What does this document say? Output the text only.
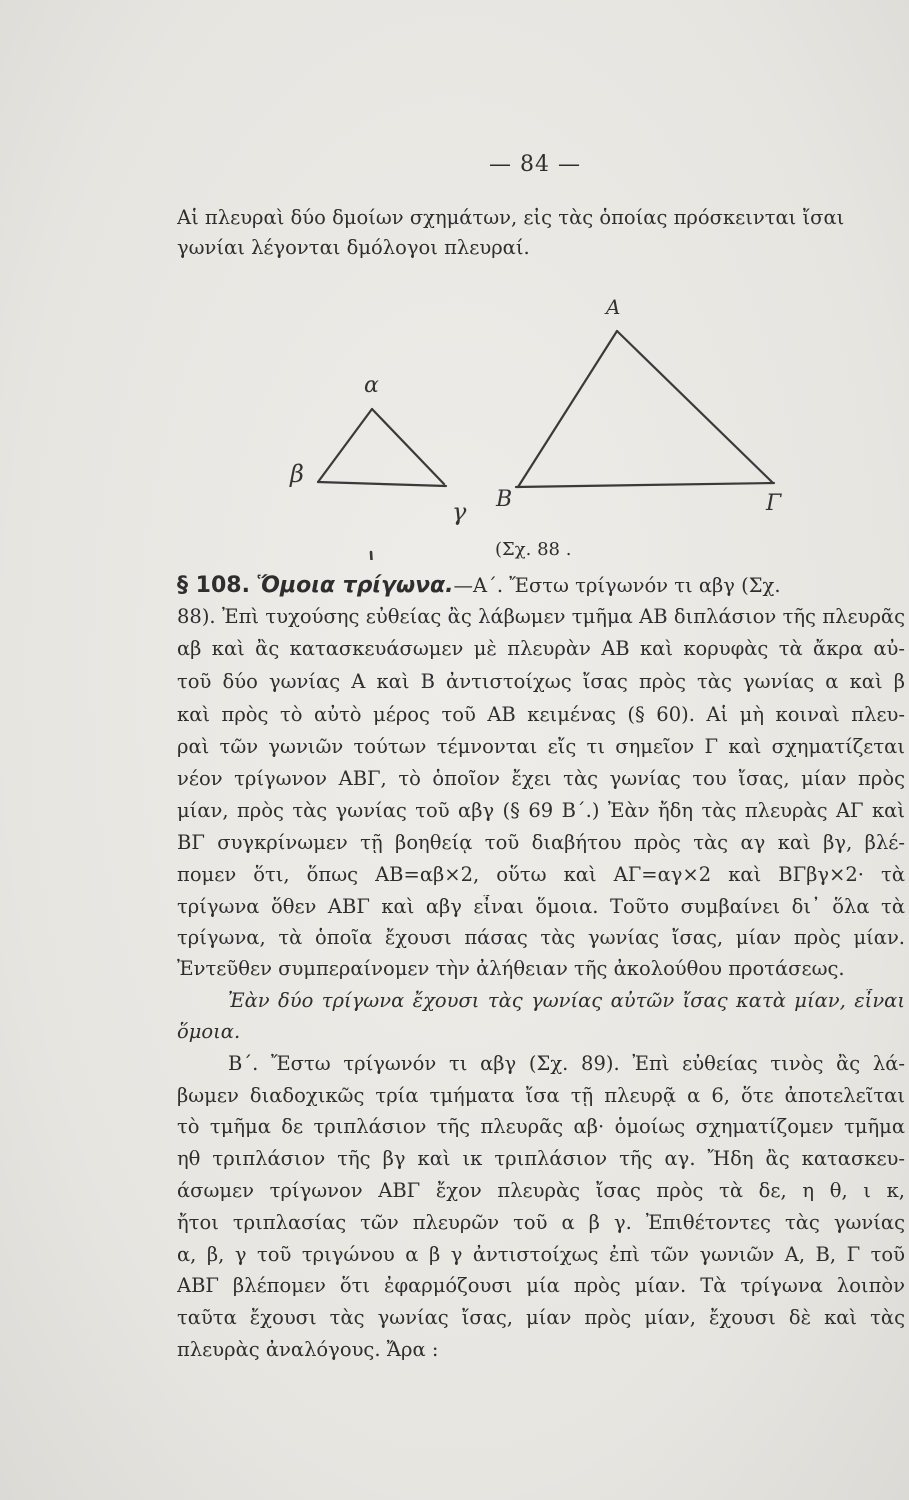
— 84 —
Αἱ πλευραὶ δύο δμοίων σχημάτων, εἰς τὰς ὁποίας πρόσκεινται ἴσαι
γωνίαι λέγονται δμόλογοι πλευραί.
α
β
γ
Α
Β	Γ
(Σχ. 88 .
§ 108. Ὅμοια τρίγωνα.—Α΄. Ἔστω τρίγωνόν τι αβγ (Σχ.
88). Ἐπὶ τυχούσης εὐθείας ἂς λάβωμεν τμῆμα ΑΒ διπλάσιον τῆς πλευρᾶς
αβ καὶ ἂς κατασκευάσωμεν μὲ πλευρὰν ΑΒ καὶ κορυφὰς τὰ ἄκρα αὐ-
τοῦ δύο γωνίας Α καὶ Β ἀντιστοίχως ἴσας πρὸς τὰς γωνίας α καὶ β
καὶ πρὸς τὸ αὐτὸ μέρος τοῦ ΑΒ κειμένας (§ 60). Αἱ μὴ κοιναὶ πλευ-
ραὶ τῶν γωνιῶν τούτων τέμνονται εἴς τι σημεῖον Γ καὶ σχηματίζεται
νέον τρίγωνον ΑΒΓ, τὸ ὁποῖον ἔχει τὰς γωνίας του ἴσας, μίαν πρὸς
μίαν, πρὸς τὰς γωνίας τοῦ αβγ (§ 69 Β΄.) Ἐὰν ἤδη τὰς πλευρὰς ΑΓ καὶ
ΒΓ συγκρίνωμεν τῇ βοηθείᾳ τοῦ διαβήτου πρὸς τὰς αγ καὶ βγ, βλέ-
πομεν ὅτι, ὅπως ΑΒ=αβ×2, οὕτω καὶ ΑΓ=αγ×2 καὶ ΒΓβγ×2· τὰ
τρίγωνα ὅθεν ΑΒΓ καὶ αβγ εἶναι ὅμοια. Τοῦτο συμβαίνει δι᾽ ὅλα τὰ
τρίγωνα, τὰ ὁποῖα ἔχουσι πάσας τὰς γωνίας ἴσας, μίαν πρὸς μίαν.
Ἐντεῦθεν συμπεραίνομεν τὴν ἀλήθειαν τῆς ἀκολούθου προτάσεως.
Ἐὰν δύο τρίγωνα ἔχουσι τὰς γωνίας αὐτῶν ἴσας κατὰ μίαν, εἶναι
ὅμοια.
Β΄. Ἔστω τρίγωνόν τι αβγ (Σχ. 89). Ἐπὶ εὐθείας τινὸς ἂς λά-
βωμεν διαδοχικῶς τρία τμήματα ἴσα τῇ πλευρᾷ α 6, ὅτε ἀποτελεῖται
τὸ τμῆμα δε τριπλάσιον τῆς πλευρᾶς αβ· ὁμοίως σχηματίζομεν τμῆμα
ηθ τριπλάσιον τῆς βγ καὶ ικ τριπλάσιον τῆς αγ. Ἤδη ἂς κατασκευ-
άσωμεν τρίγωνον ΑΒΓ ἔχον πλευρὰς ἴσας πρὸς τὰ δε, η θ, ι κ,
ἤτοι τριπλασίας τῶν πλευρῶν τοῦ α β γ. Ἐπιθέτοντες τὰς γωνίας
α, β, γ τοῦ τριγώνου α β γ ἀντιστοίχως ἐπὶ τῶν γωνιῶν Α, Β, Γ τοῦ
ΑΒΓ βλέπομεν ὅτι ἐφαρμόζουσι μία πρὸς μίαν. Τὰ τρίγωνα λοιπὸν
ταῦτα ἔχουσι τὰς γωνίας ἴσας, μίαν πρὸς μίαν, ἔχουσι δὲ καὶ τὰς
πλευρὰς ἀναλόγους. Ἄρα :
